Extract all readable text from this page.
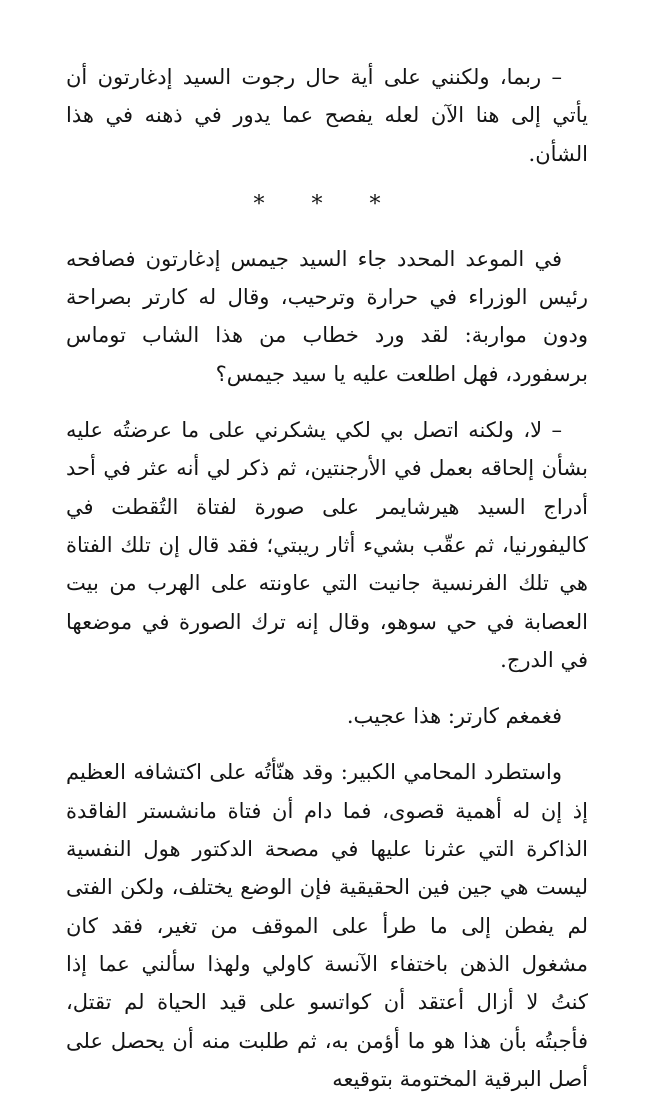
– ربما، ولكنني على أية حال رجوت السيد إدغارتون أن يأتي إلى هنا الآن لعله يفصح عما يدور في ذهنه في هذا الشأن.

* * *

في الموعد المحدد جاء السيد جيمس إدغارتون فصافحه رئيس الوزراء في حرارة وترحيب، وقال له كارتر بصراحة ودون مواربة: لقد ورد خطاب من هذا الشاب توماس برسفورد، فهل اطلعت عليه يا سيد جيمس؟

– لا، ولكنه اتصل بي لكي يشكرني على ما عرضتُه عليه بشأن إلحاقه بعمل في الأرجنتين، ثم ذكر لي أنه عثر في أحد أدراج السيد هيرشايمر على صورة لفتاة التُقطت في كاليفورنيا، ثم عقّب بشيء أثار ريبتي؛ فقد قال إن تلك الفتاة هي تلك الفرنسية جانيت التي عاونته على الهرب من بيت العصابة في حي سوهو، وقال إنه ترك الصورة في موضعها في الدرج.

فغمغم كارتر: هذا عجيب.

واستطرد المحامي الكبير: وقد هنّأتُه على اكتشافه العظيم إذ إن له أهمية قصوى، فما دام أن فتاة مانشستر الفاقدة الذاكرة التي عثرنا عليها في مصحة الدكتور هول النفسية ليست هي جين فين الحقيقية فإن الوضع يختلف، ولكن الفتى لم يفطن إلى ما طرأ على الموقف من تغير، فقد كان مشغول الذهن باختفاء الآنسة كاولي ولهذا سألني عما إذا كنتُ لا أزال أعتقد أن كواتسو على قيد الحياة لم تقتل، فأجبتُه بأن هذا هو ما أؤمن به، ثم طلبت منه أن يحصل على أصل البرقية المختومة بتوقيعه
